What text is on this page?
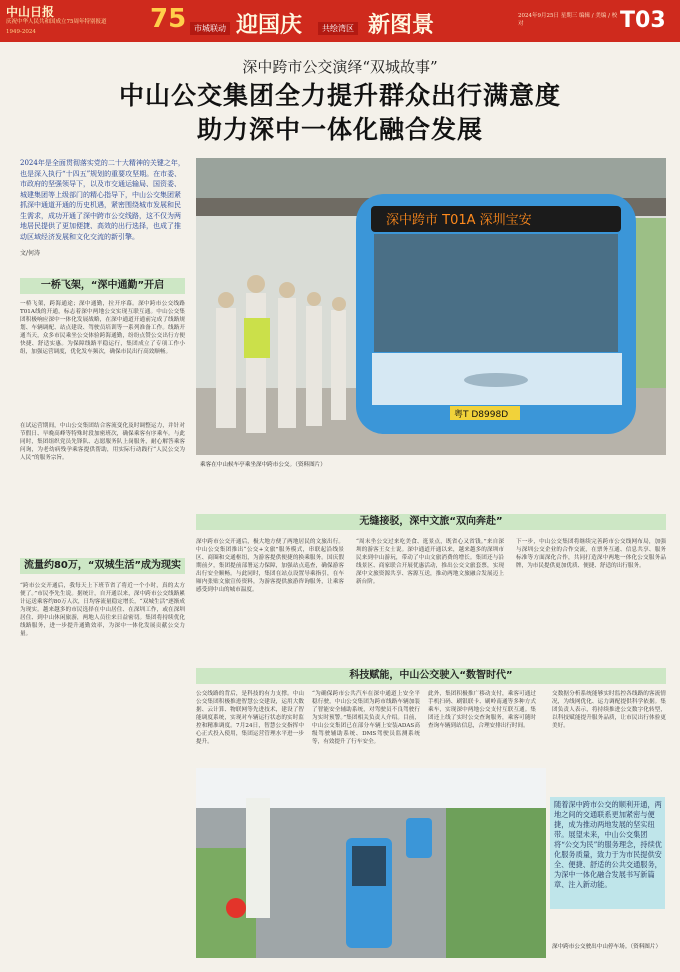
中山日报
庆祝中华人民共和国成立75周年特别报道
1949-2024	75 市城联动 迎国庆	共绘湾区 新图景	2024年9月25日 星期三 编辑 / 美编 / 校对	T03
深中跨市公交演绎“双城故事”
中山公交集团全力提升群众出行满意度
助力深中一体化融合发展
2024年是全面贯彻落实党的二十大精神的关键之年，也是深入执行“十四五”规划的重要攻坚期。在市委、市政府的坚强领导下，以及市交通运输局、国资委、城建集团等上级部门的精心指导下，中山公交集团紧抓深中通道开通的历史机遇，紧密围绕城市发展和民生需求，成功开通了深中跨市公交线路，这不仅为两地居民提供了更加便捷、高效的出行选择，也成了推动区域经济发展和文化交流的新引擎。
文/何涛
深中跨市 T01A 深圳宝安
粤T D8998D
乘客在中山候车亭乘坐深中跨市公交。（资料图片）
一桥飞架，“深中通勤”开启
一桥飞架，跨海通途；深中通勤，拉开序幕。深中跨市公交线路T01A线的开通，标志着深中两地公交实现互联互通。中山公交集团积极响应深中一体化发展战略，在深中通道开通前完成了线路规划、车辆调配、站点建设、驾驶员培训等一系列准备工作。线路开通当天，众多市民乘坐公交体验跨海通勤，纷纷点赞公交出行方便快捷、舒适实惠。为保障线路平稳运行，集团成立了专项工作小组，加强运营调度，优化发车频次，确保市民出行高效顺畅。
在试运营期间，中山公交集团结合客流变化及时调整运力，并针对节假日、早晚高峰等特殊时段加密班次，确保乘客有序乘车。与此同时，集团组织党员先锋队、志愿服务队上岗服务，耐心解答乘客问询，为老幼病残孕乘客提供帮助，用实际行动践行“人民公交为人民”的服务宗旨。
流量约80万，“双城生活”成为现实
“跨市公交开通后，我每天上下班节省了将近一个小时，真的太方便了。”市民李先生说。据统计，自开通以来，深中跨市公交线路累计运送乘客约80万人次，日均客流量稳定增长，“双城生活”逐渐成为现实。越来越多的市民选择在中山居住、在深圳工作，或在深圳居住、到中山休闲旅游，两地人员往来日益密切。集团将持续优化线路服务，进一步提升通勤效率，为深中一体化发展贡献公交力量。
无缝接驳，深中文旅“双向奔赴”
深中跨市公交开通后，极大地方便了两地居民的文旅出行。中山公交集团推出“公交+文旅”服务模式，串联起沿线景区、商圈和交通枢纽，为游客提供便捷的换乘服务。国庆假期前夕，集团提前部署运力保障，加强站点巡查，确保游客出行安全顺畅。与此同时，集团在站点设置导乘指引，在车厢内张贴文旅宣传资料，为游客提供旅游咨询服务，让乘客感受到中山的城市温度。
“周末坐公交过来吃美食、逛景点，既省心又省钱。”来自深圳的游客王女士说。深中通道开通以来，越来越多的深圳市民来到中山游玩，带动了中山文旅消费的增长。集团还与沿线景区、商家联合开展优惠活动，推出公交文旅套票，实现深中文旅资源共享、客源互送，推动两地文旅融合发展迈上新台阶。
下一步，中山公交集团将继续完善跨市公交线网布局，加强与深圳公交企业的合作交流，在票务互通、信息共享、服务标准等方面深化合作，共同打造深中两地一体化公交服务品牌，为市民提供更加优质、便捷、舒适的出行服务。
科技赋能，中山公交驶入“数智时代”
公交线路的背后，是科技的有力支撑。中山公交集团积极推进智慧公交建设，运用大数据、云计算、物联网等先进技术，建设了智能调度系统，实现对车辆运行状态的实时监控和精准调度。7月24日，智慧公交指挥中心正式投入使用，集团运营管理水平进一步提升。
“为确保跨市公共汽车在深中通道上安全平稳行驶，中山公交集团为跨市线路车辆加装了智能安全辅助系统，对驾驶员不良驾驶行为实时预警。”集团相关负责人介绍。目前，中山公交集团已在部分车辆上安装ADAS高级驾驶辅助系统、DMS驾驶员监测系统等，有效提升了行车安全。
此外，集团积极推广移动支付，乘客可通过手机扫码、刷银联卡、刷岭南通等多种方式乘车，实现深中两地公交支付互联互通。集团还上线了实时公交查询服务，乘客可随时查询车辆到站信息，合理安排出行时间。
交数据分析系统能够实时监控各线路的客流情况，为线网优化、运力调配提供科学依据。集团负责人表示，将持续推进公交数字化转型，以科技赋能提升服务品质，让市民出行体验更美好。
深中跨市公交驶出中山停车场。（资料图片）
随着深中跨市公交的顺利开通，两地之间的交通联系更加紧密与便捷，成为推动两地发展的坚实纽带。展望未来，中山公交集团将“公交为民”的服务理念，持续优化服务质量，致力于为市民提供安全、便捷、舒适的公共交通服务，为深中一体化融合发展书写新篇章、注入新动能。
